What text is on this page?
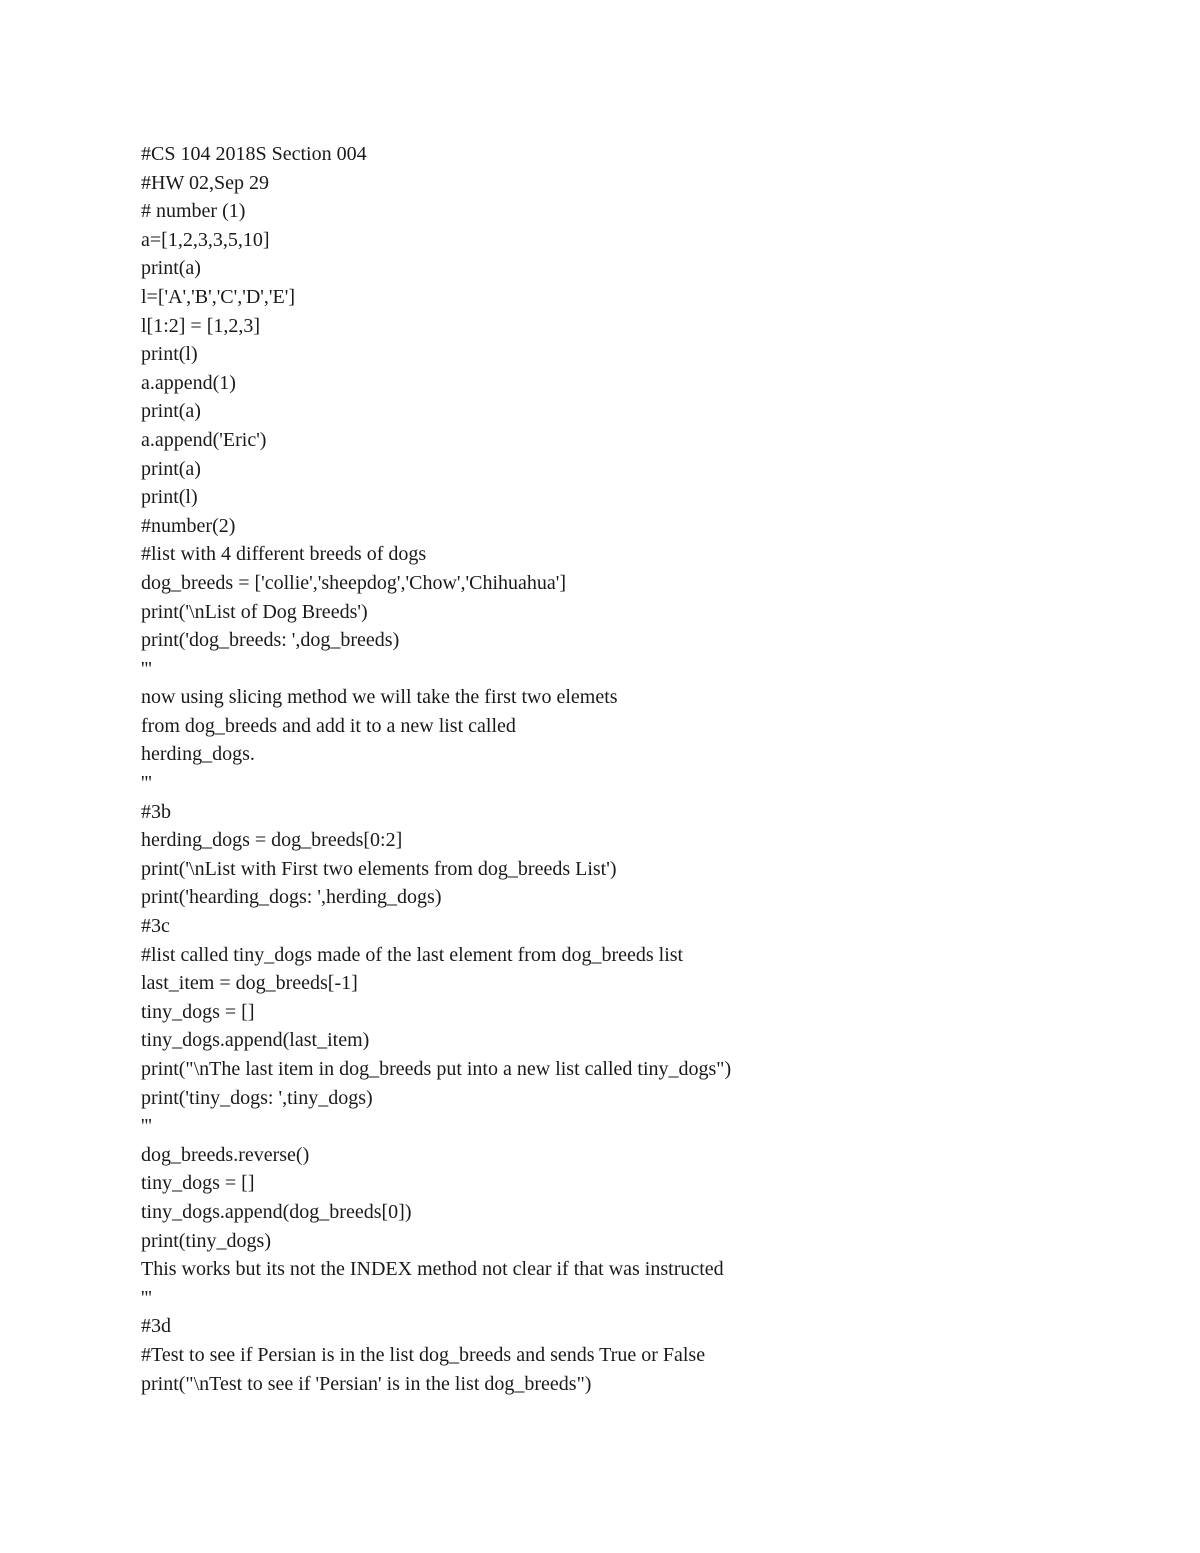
#CS 104 2018S Section 004
#HW 02,Sep 29
# number (1)
a=[1,2,3,3,5,10]
print(a)
l=['A','B','C','D','E']
l[1:2] = [1,2,3]
print(l)
a.append(1)
print(a)
a.append('Eric')
print(a)
print(l)
#number(2)
#list with 4 different breeds of dogs
dog_breeds = ['collie','sheepdog','Chow','Chihuahua']
print('\nList of Dog Breeds')
print('dog_breeds: ',dog_breeds)
'''
now using slicing method we will take the first two elemets
from dog_breeds and add it to a new list called
herding_dogs.
'''
#3b
herding_dogs = dog_breeds[0:2]
print('\nList with First two elements from dog_breeds List')
print('hearding_dogs: ',herding_dogs)
#3c
#list called tiny_dogs made of the last element from dog_breeds list
last_item = dog_breeds[-1]
tiny_dogs = []
tiny_dogs.append(last_item)
print("\nThe last item in dog_breeds put into a new list called tiny_dogs")
print('tiny_dogs: ',tiny_dogs)
'''
dog_breeds.reverse()
tiny_dogs = []
tiny_dogs.append(dog_breeds[0])
print(tiny_dogs)
This works but its not the INDEX method not clear if that was instructed
'''
#3d
#Test to see if Persian is in the list dog_breeds and sends True or False
print("\nTest to see if 'Persian' is in the list dog_breeds")
